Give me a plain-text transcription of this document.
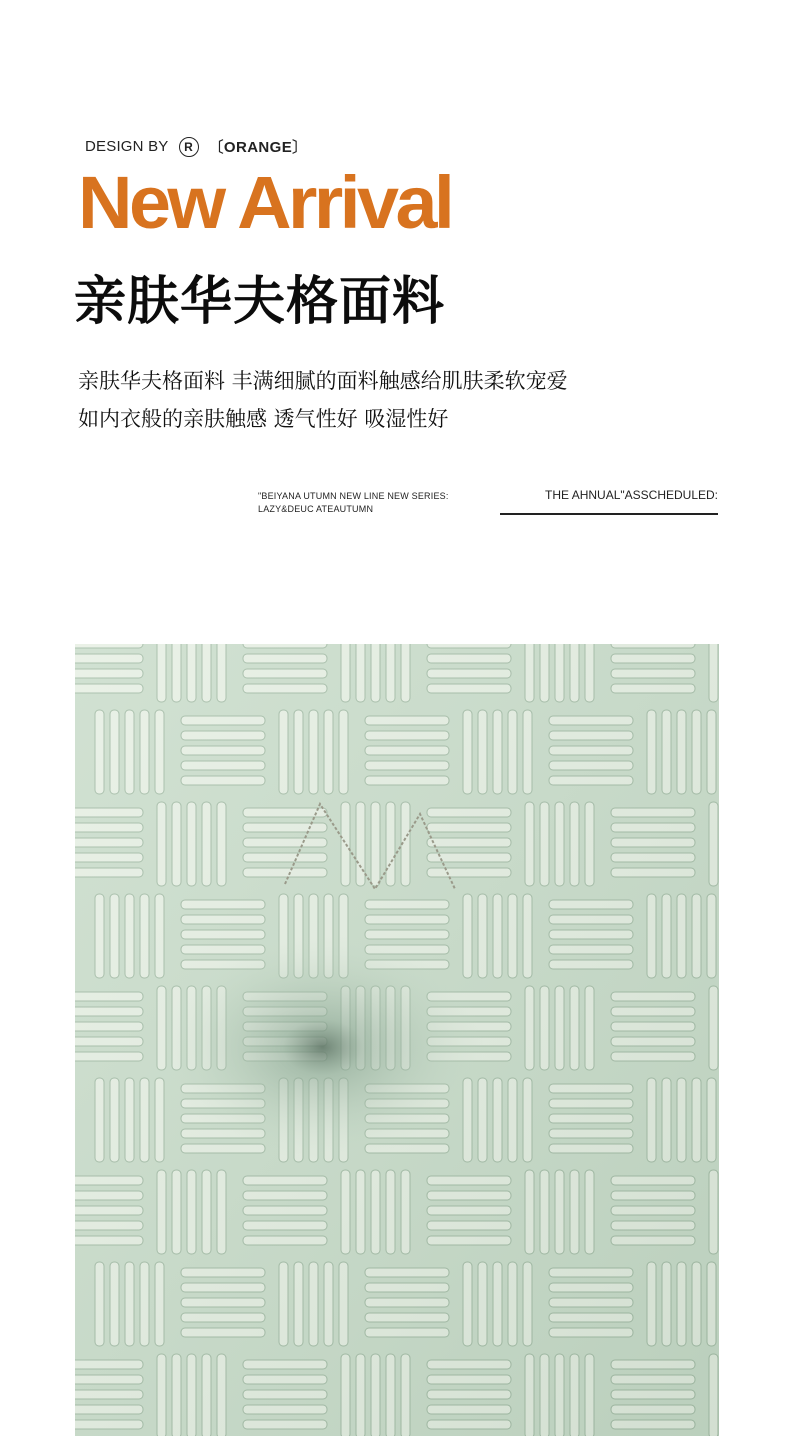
DESIGN BY	R	〔ORANGE〕
New Arrival
亲肤华夫格面料
亲肤华夫格面料 丰满细腻的面料触感给肌肤柔软宠爱
如内衣般的亲肤触感 透气性好 吸湿性好
"BEIYANA UTUMN NEW LINE NEW SERIES:
LAZY&DEUC ATEAUTUMN
THE AHNUAL"ASSCHEDULED:
